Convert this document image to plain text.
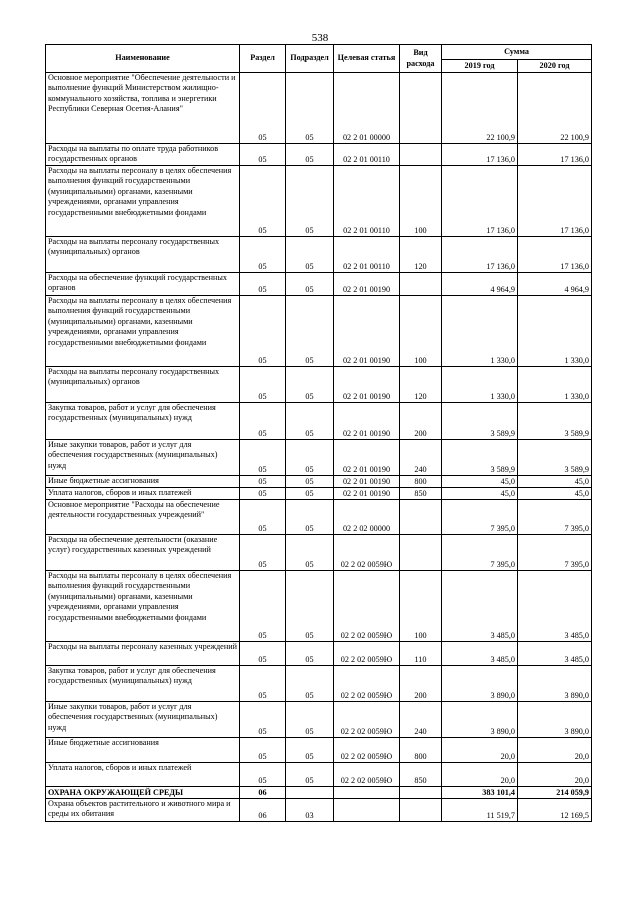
538
Наименование	Раздел	Подраздел	Целевая статья	Вид расхода	Сумма	
					2019 год	2020 год
Основное мероприятие "Обеспечение деятельности и выполнение функций Министерством жилищно-коммунального хозяйства, топлива и энергетики Республики Северная Осетия-Алания"	05	05	02 2 01 00000		22 100,9	22 100,9
Расходы на выплаты по оплате труда работников государственных органов	05	05	02 2 01 00110		17 136,0	17 136,0
Расходы на выплаты персоналу в целях обеспечения выполнения функций государственными (муниципальными) органами, казенными учреждениями, органами управления государственными внебюджетными фондами	05	05	02 2 01 00110	100	17 136,0	17 136,0
Расходы на выплаты персоналу государственных (муниципальных) органов	05	05	02 2 01 00110	120	17 136,0	17 136,0
Расходы на обеспечение функций государственных органов	05	05	02 2 01 00190		4 964,9	4 964,9
Расходы на выплаты персоналу в целях обеспечения выполнения функций государственными (муниципальными) органами, казенными учреждениями, органами управления государственными внебюджетными фондами	05	05	02 2 01 00190	100	1 330,0	1 330,0
Расходы на выплаты персоналу государственных (муниципальных) органов	05	05	02 2 01 00190	120	1 330,0	1 330,0
Закупка товаров, работ и услуг для обеспечения государственных (муниципальных) нужд	05	05	02 2 01 00190	200	3 589,9	3 589,9
Иные закупки товаров, работ и услуг для обеспечения государственных (муниципальных) нужд	05	05	02 2 01 00190	240	3 589,9	3 589,9
Иные бюджетные ассигнования	05	05	02 2 01 00190	800	45,0	45,0
Уплата налогов, сборов и иных платежей	05	05	02 2 01 00190	850	45,0	45,0
Основное мероприятие "Расходы на обеспечение деятельности государственных учреждений"	05	05	02 2 02 00000		7 395,0	7 395,0
Расходы на обеспечение деятельности (оказание услуг) государственных казенных учреждений	05	05	02 2 02 0059Ю		7 395,0	7 395,0
Расходы на выплаты персоналу в целях обеспечения выполнения функций государственными (муниципальными) органами, казенными учреждениями, органами управления государственными внебюджетными фондами	05	05	02 2 02 0059Ю	100	3 485,0	3 485,0
Расходы на выплаты персоналу казенных учреждений	05	05	02 2 02 0059Ю	110	3 485,0	3 485,0
Закупка товаров, работ и услуг для обеспечения государственных (муниципальных) нужд	05	05	02 2 02 0059Ю	200	3 890,0	3 890,0
Иные закупки товаров, работ и услуг для обеспечения государственных (муниципальных) нужд	05	05	02 2 02 0059Ю	240	3 890,0	3 890,0
Иные бюджетные ассигнования	05	05	02 2 02 0059Ю	800	20,0	20,0
Уплата налогов, сборов и иных платежей	05	05	02 2 02 0059Ю	850	20,0	20,0
ОХРАНА ОКРУЖАЮЩЕЙ СРЕДЫ	06				383 101,4	214 059,9
Охрана объектов растительного и животного мира и среды их обитания	06	03			11 519,7	12 169,5
